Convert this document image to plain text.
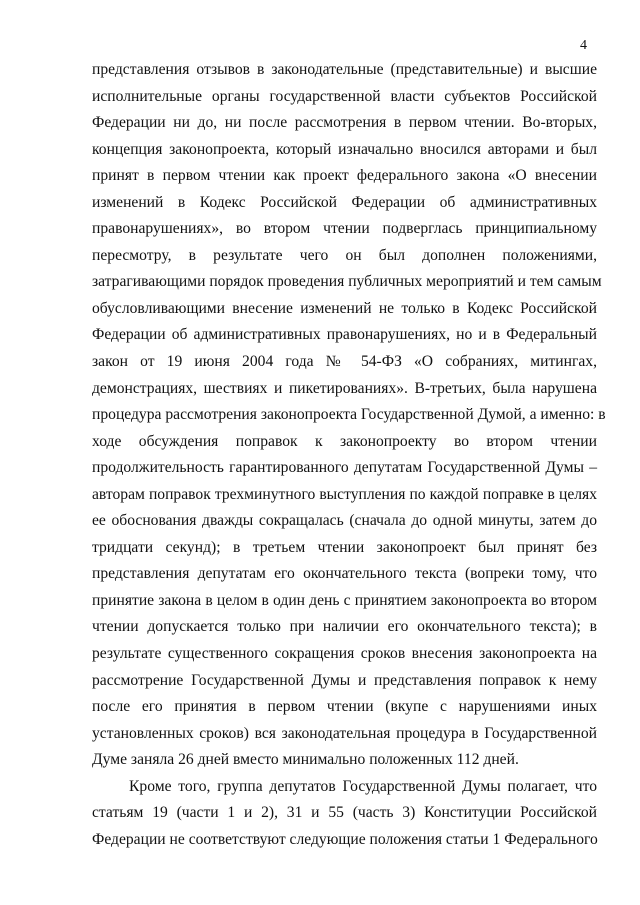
4
представления отзывов в законодательные (представительные) и высшие
исполнительные органы государственной власти субъектов Российской
Федерации ни до, ни после рассмотрения в первом чтении. Во-вторых,
концепция законопроекта, который изначально вносился авторами и был
принят в первом чтении как проект федерального закона «О внесении
изменений в Кодекс Российской Федерации об административных
правонарушениях», во втором чтении подверглась принципиальному
пересмотру, в результате чего он был дополнен положениями,
затрагивающими порядок проведения публичных мероприятий и тем самым
обусловливающими внесение изменений не только в Кодекс Российской
Федерации об административных правонарушениях, но и в Федеральный
закон от 19 июня 2004 года № 54-ФЗ «О собраниях, митингах,
демонстрациях, шествиях и пикетированиях». В-третьих, была нарушена
процедура рассмотрения законопроекта Государственной Думой, а именно: в
ходе обсуждения поправок к законопроекту во втором чтении
продолжительность гарантированного депутатам Государственной Думы –
авторам поправок трехминутного выступления по каждой поправке в целях
ее обоснования дважды сокращалась (сначала до одной минуты, затем до
тридцати секунд); в третьем чтении законопроект был принят без
представления депутатам его окончательного текста (вопреки тому, что
принятие закона в целом в один день с принятием законопроекта во втором
чтении допускается только при наличии его окончательного текста); в
результате существенного сокращения сроков внесения законопроекта на
рассмотрение Государственной Думы и представления поправок к нему
после его принятия в первом чтении (вкупе с нарушениями иных
установленных сроков) вся законодательная процедура в Государственной
Думе заняла 26 дней вместо минимально положенных 112 дней.
Кроме того, группа депутатов Государственной Думы полагает, что
статьям 19 (части 1 и 2), 31 и 55 (часть 3) Конституции Российской
Федерации не соответствуют следующие положения статьи 1 Федерального
